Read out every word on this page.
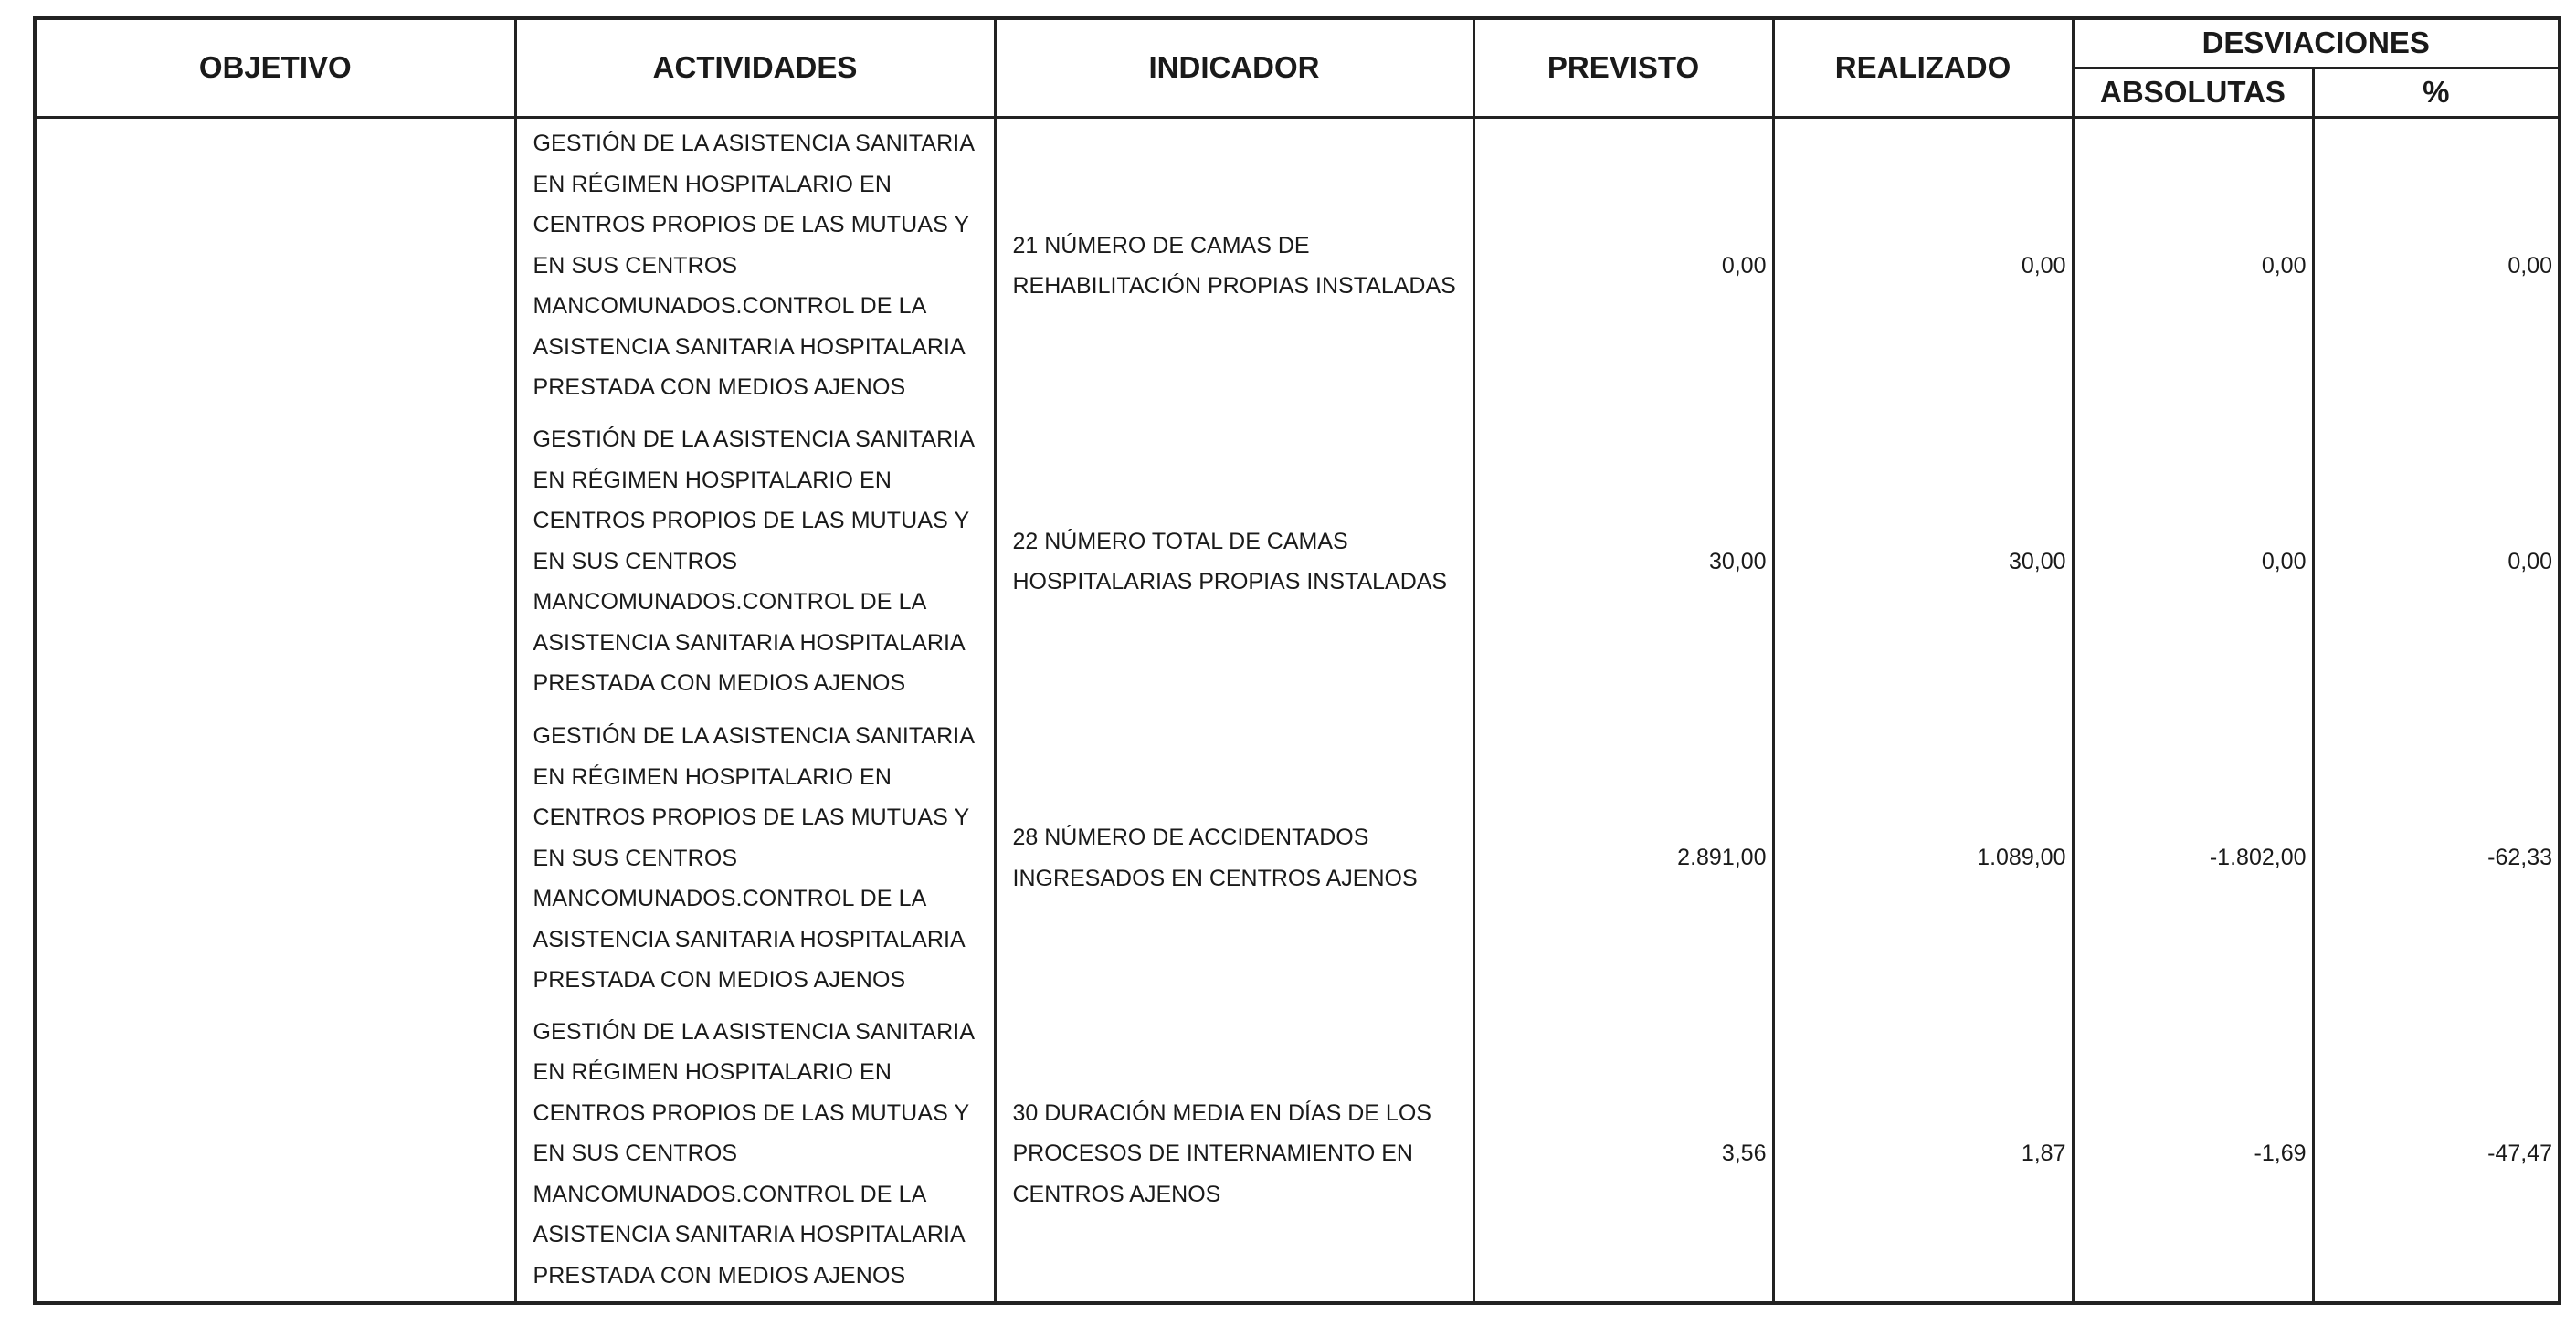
OBJETIVO	ACTIVIDADES	INDICADOR	PREVISTO	REALIZADO	DESVIACIONES	
					ABSOLUTAS	%
	GESTIÓN DE LA ASISTENCIA SANITARIA EN RÉGIMEN HOSPITALARIO EN CENTROS PROPIOS DE LAS MUTUAS Y EN SUS CENTROS MANCOMUNADOS.CONTROL DE LA ASISTENCIA SANITARIA HOSPITALARIA PRESTADA CON MEDIOS AJENOS	21 NÚMERO DE CAMAS DE REHABILITACIÓN PROPIAS INSTALADAS	0,00	0,00	0,00	0,00
	GESTIÓN DE LA ASISTENCIA SANITARIA EN RÉGIMEN HOSPITALARIO EN CENTROS PROPIOS DE LAS MUTUAS Y EN SUS CENTROS MANCOMUNADOS.CONTROL DE LA ASISTENCIA SANITARIA HOSPITALARIA PRESTADA CON MEDIOS AJENOS	22 NÚMERO TOTAL DE CAMAS HOSPITALARIAS PROPIAS INSTALADAS	30,00	30,00	0,00	0,00
	GESTIÓN DE LA ASISTENCIA SANITARIA EN RÉGIMEN HOSPITALARIO EN CENTROS PROPIOS DE LAS MUTUAS Y EN SUS CENTROS MANCOMUNADOS.CONTROL DE LA ASISTENCIA SANITARIA HOSPITALARIA PRESTADA CON MEDIOS AJENOS	28 NÚMERO DE ACCIDENTADOS INGRESADOS EN CENTROS AJENOS	2.891,00	1.089,00	-1.802,00	-62,33
	GESTIÓN DE LA ASISTENCIA SANITARIA EN RÉGIMEN HOSPITALARIO EN CENTROS PROPIOS DE LAS MUTUAS Y EN SUS CENTROS MANCOMUNADOS.CONTROL DE LA ASISTENCIA SANITARIA HOSPITALARIA PRESTADA CON MEDIOS AJENOS	30 DURACIÓN MEDIA EN DÍAS DE LOS PROCESOS DE INTERNAMIENTO EN CENTROS AJENOS	3,56	1,87	-1,69	-47,47
